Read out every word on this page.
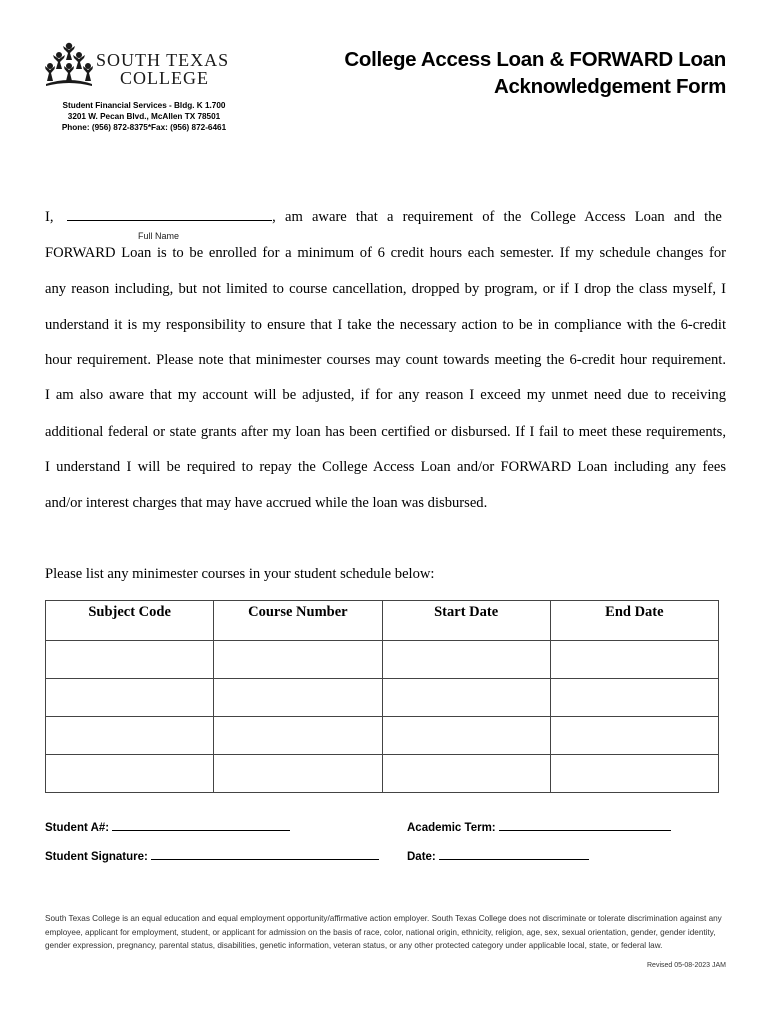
SOUTH TEXAS
COLLEGE
Student Financial Services - Bldg. K 1.700
3201 W. Pecan Blvd., McAllen TX 78501
Phone: (956) 872-8375*Fax: (956) 872-6461
College Access Loan & FORWARD Loan
Acknowledgement Form
I,	, am aware that a requirement of the College Access Loan and the
Full Name
FORWARD Loan is to be enrolled for a minimum of 6 credit hours each semester. If my schedule changes for
any reason including, but not limited to course cancellation, dropped by program, or if I drop the class myself, I
understand it is my responsibility to ensure that I take the necessary action to be in compliance with the 6-credit
hour requirement. Please note that minimester courses may count towards meeting the 6-credit hour requirement.
I am also aware that my account will be adjusted, if for any reason I exceed my unmet need due to receiving
additional federal or state grants after my loan has been certified or disbursed. If I fail to meet these requirements,
I understand I will be required to repay the College Access Loan and/or FORWARD Loan including any fees
and/or interest charges that may have accrued while the loan was disbursed.
Please list any minimester courses in your student schedule below:
Subject Code	Course Number	Start Date	End Date

Student A#:	Academic Term:
Student Signature:	Date:
South Texas College is an equal education and equal employment opportunity/affirmative action employer. South Texas College does not discriminate or tolerate discrimination against any employee, applicant for employment, student, or applicant for admission on the basis of race, color, national origin, ethnicity, religion, age, sex, sexual orientation, gender, gender identity, gender expression, pregnancy, parental status, disabilities, genetic information, veteran status, or any other protected category under applicable local, state, or federal law.
Revised 05-08-2023 JAM
